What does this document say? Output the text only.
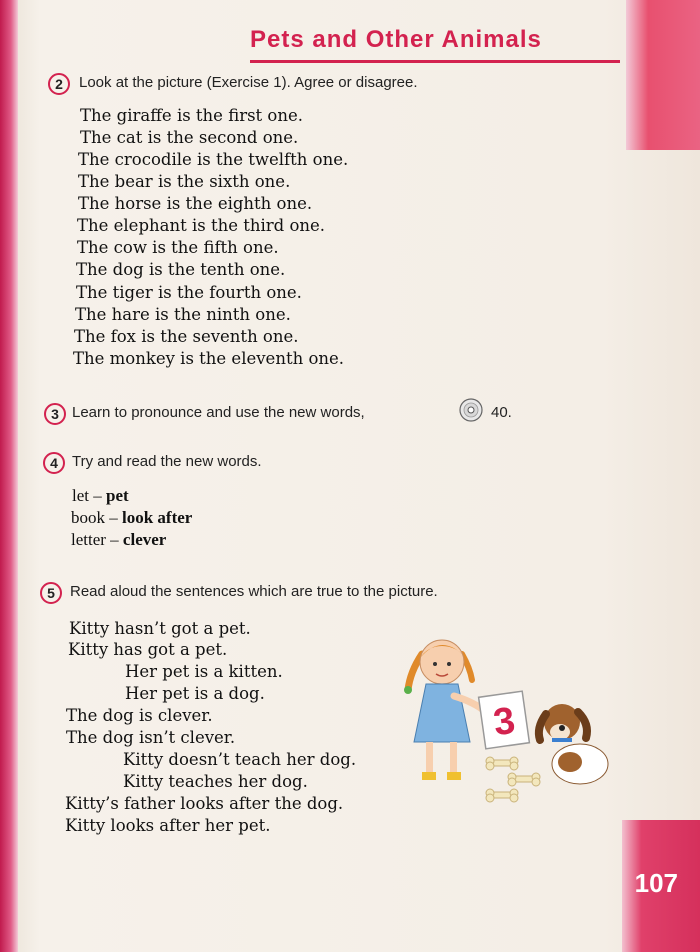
107
Pets and Other Animals
2	Look at the picture (Exercise 1). Agree or disagree.
The giraffe is the first one.
The cat is the second one.
The crocodile is the twelfth one.
The bear is the sixth one.
The horse is the eighth one.
The elephant is the third one.
The cow is the fifth one.
The dog is the tenth one.
The tiger is the fourth one.
The hare is the ninth one.
The fox is the seventh one.
The monkey is the eleventh one.
3 Learn to pronounce and use the new words,	40.
4 Try and read the new words.
let – pet
book – look after
letter – clever
5	Read aloud the sentences which are true to the picture.
Kitty hasn’t got a pet.
Kitty has got a pet.
Her pet is a kitten.
Her pet is a dog.
The dog is clever.
The dog isn’t clever.
Kitty doesn’t teach her dog.
Kitty teaches her dog.
Kitty’s father looks after the dog.
Kitty looks after her pet.
3
